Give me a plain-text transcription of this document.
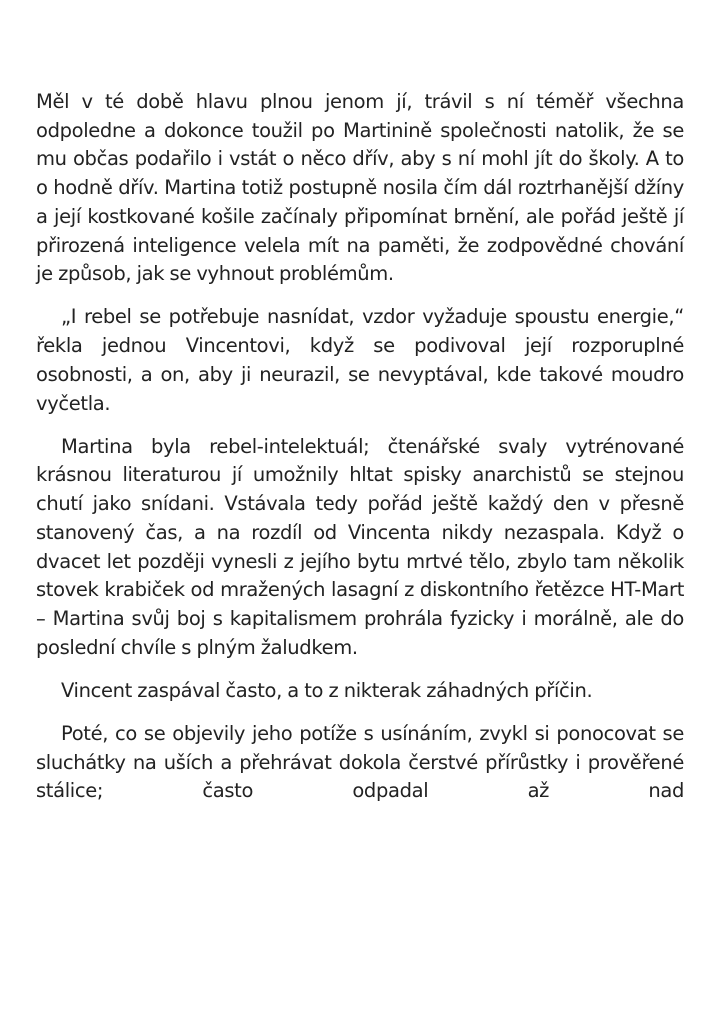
Měl v té době hlavu plnou jenom jí, trávil s ní téměř všechna odpoledne a dokonce toužil po Martinině společnosti natolik, že se mu občas podařilo i vstát o něco dřív, aby s ní mohl jít do školy. A to o hodně dřív. Martina totiž postupně nosila čím dál roztrhanější džíny a její kostkované košile začínaly připomínat brnění, ale pořád ještě jí přirozená inteligence velela mít na paměti, že zodpovědné chování je způsob, jak se vyhnout problémům.

„I rebel se potřebuje nasnídat, vzdor vyžaduje spoustu energie,“ řekla jednou Vincentovi, když se podivoval její rozporuplné osobnosti, a on, aby ji neurazil, se nevyptával, kde takové moudro vyčetla.

Martina byla rebel-intelektuál; čtenářské svaly vytrénované krásnou literaturou jí umožnily hltat spisky anarchistů se stejnou chutí jako snídani. Vstávala tedy pořád ještě každý den v přesně stanovený čas, a na rozdíl od Vincenta nikdy nezaspala. Když o dvacet let později vynesli z jejího bytu mrtvé tělo, zbylo tam několik stovek krabiček od mražených lasagní z diskontního řetězce HT-Mart – Martina svůj boj s kapitalismem prohrála fyzicky i morálně, ale do poslední chvíle s plným žaludkem.

Vincent zaspával často, a to z nikterak záhadných příčin.

Poté, co se objevily jeho potíže s usínáním, zvykl si ponocovat se sluchátky na uších a přehrávat dokola čerstvé přírůstky i prověřené stálice; často odpadal až nad
